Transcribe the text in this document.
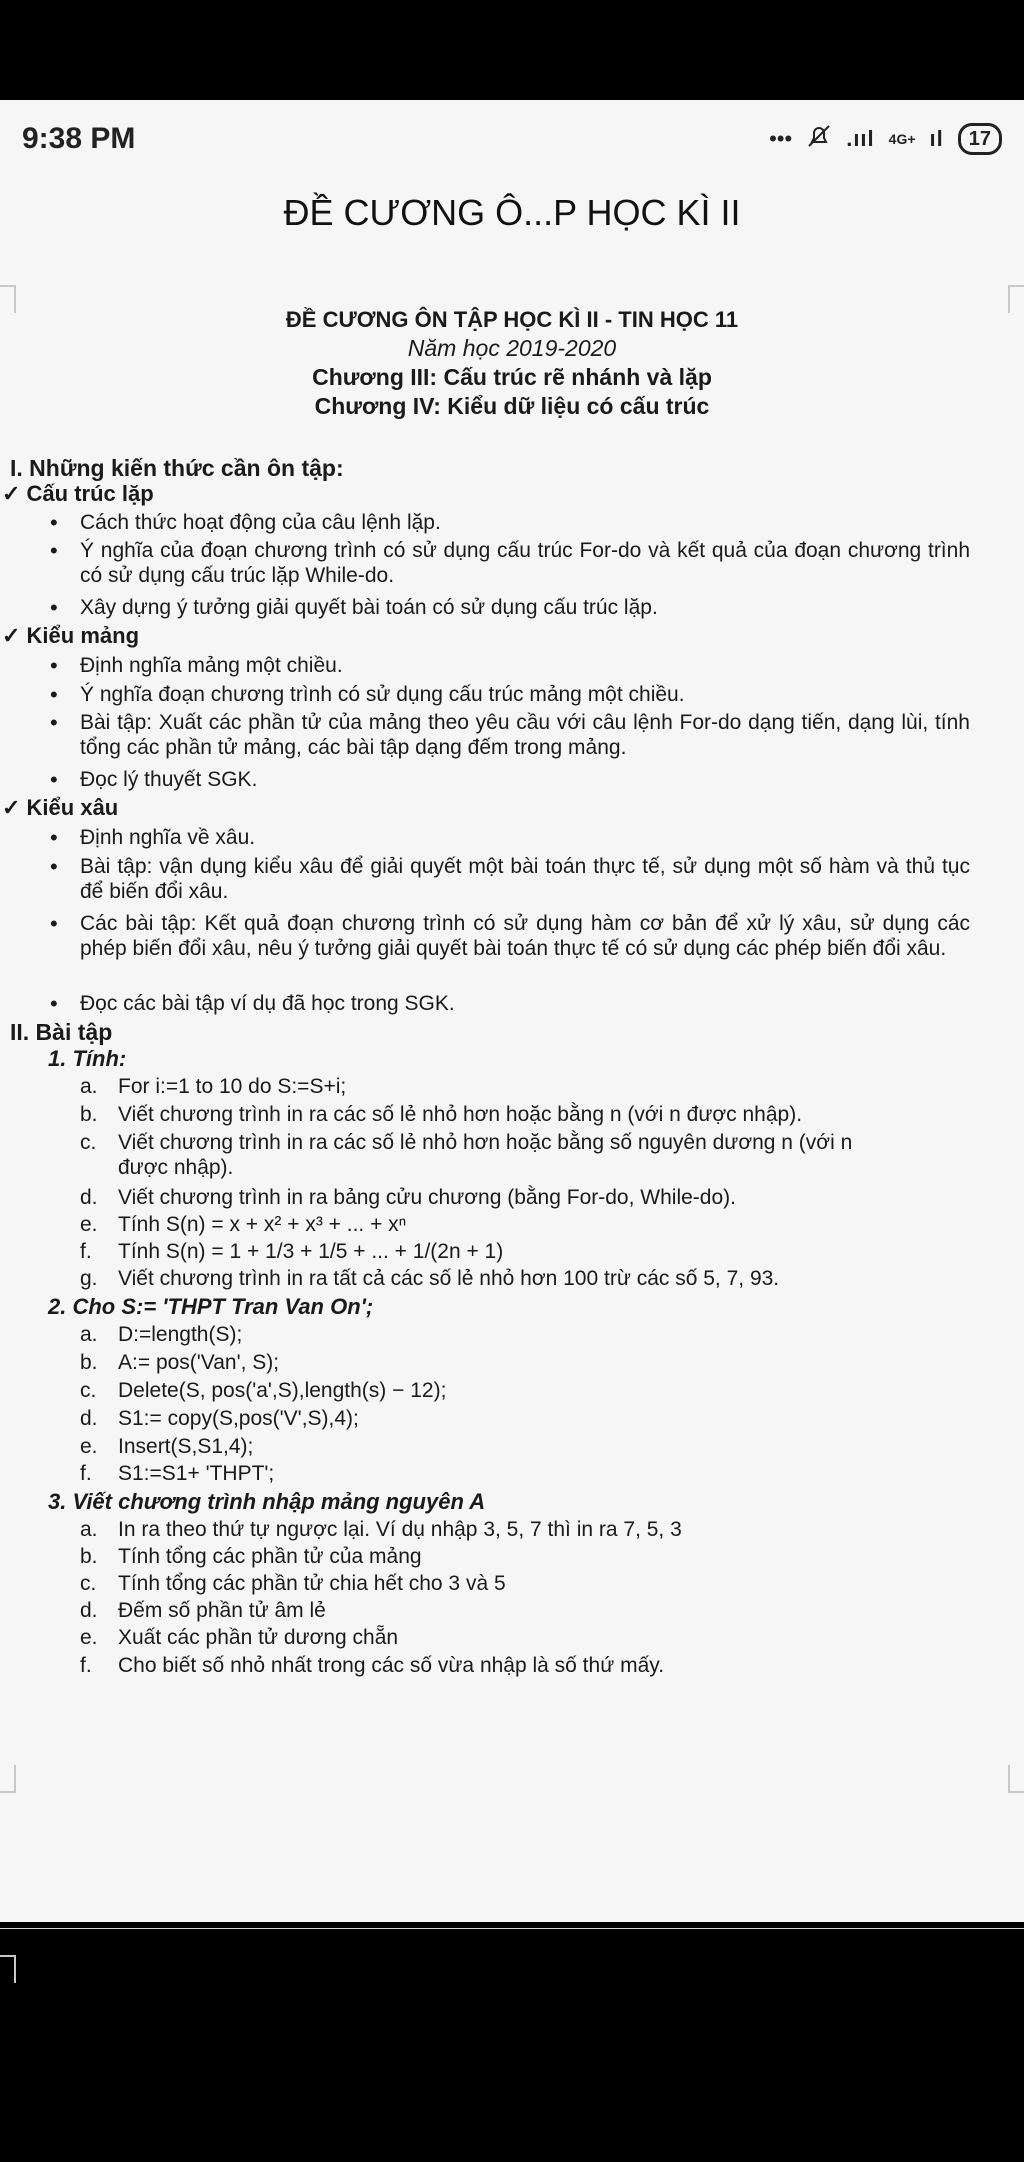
9:38 PM	••• .ııl 4G+ ıl	17
ĐỀ CƯƠNG Ô...P HỌC KÌ II
ĐỀ CƯƠNG ÔN TẬP HỌC KÌ II - TIN HỌC 11
Năm học 2019-2020
Chương III: Cấu trúc rẽ nhánh và lặp
Chương IV: Kiểu dữ liệu có cấu trúc
I. Những kiến thức cần ôn tập:
✓ Cấu trúc lặp
•	Cách thức hoạt động của câu lệnh lặp.
•	Ý nghĩa của đoạn chương trình có sử dụng cấu trúc For-do và kết quả của đoạn chương trình có sử dụng cấu trúc lặp While-do.
•	Xây dựng ý tưởng giải quyết bài toán có sử dụng cấu trúc lặp.
✓ Kiểu mảng
•	Định nghĩa mảng một chiều.
•	Ý nghĩa đoạn chương trình có sử dụng cấu trúc mảng một chiều.
•	Bài tập: Xuất các phần tử của mảng theo yêu cầu với câu lệnh For-do dạng tiến, dạng lùi, tính tổng các phần tử mảng, các bài tập dạng đếm trong mảng.
•	Đọc lý thuyết SGK.
✓ Kiểu xâu
•	Định nghĩa về xâu.
•	Bài tập: vận dụng kiểu xâu để giải quyết một bài toán thực tế, sử dụng một số hàm và thủ tục để biến đổi xâu.
•	Các bài tập: Kết quả đoạn chương trình có sử dụng hàm cơ bản để xử lý xâu, sử dụng các phép biến đổi xâu, nêu ý tưởng giải quyết bài toán thực tế có sử dụng các phép biến đổi xâu.
•	Đọc các bài tập ví dụ đã học trong SGK.
II. Bài tập
1. Tính:
a. For i:=1 to 10 do S:=S+i;
b. Viết chương trình in ra các số lẻ nhỏ hơn hoặc bằng n (với n được nhập).
c. Viết chương trình in ra các số lẻ nhỏ hơn hoặc bằng số nguyên dương n (với n
được nhập).
d. Viết chương trình in ra bảng cửu chương (bằng For-do, While-do).
e. Tính S(n) = x + x² + x³ + ... + xⁿ
f. Tính S(n) = 1 + 1/3 + 1/5 + ... + 1/(2n + 1)
g. Viết chương trình in ra tất cả các số lẻ nhỏ hơn 100 trừ các số 5, 7, 93.
2. Cho S:= 'THPT Tran Van On';
a. D:=length(S);
b. A:= pos('Van', S);
c. Delete(S, pos('a',S),length(s) − 12);
d. S1:= copy(S,pos('V',S),4);
e. Insert(S,S1,4);
f. S1:=S1+ 'THPT';
3. Viết chương trình nhập mảng nguyên A
a. In ra theo thứ tự ngược lại. Ví dụ nhập 3, 5, 7 thì in ra 7, 5, 3
b. Tính tổng các phần tử của mảng
c. Tính tổng các phần tử chia hết cho 3 và 5
d. Đếm số phần tử âm lẻ
e. Xuất các phần tử dương chẵn
f. Cho biết số nhỏ nhất trong các số vừa nhập là số thứ mấy.
